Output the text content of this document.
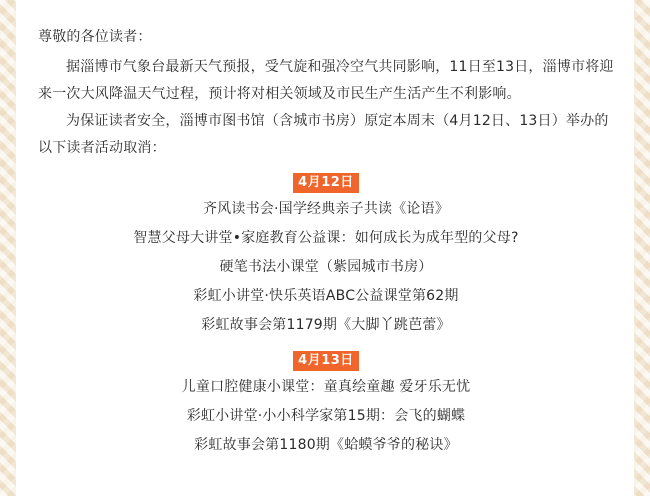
尊敬的各位读者：

据淄博市气象台最新天气预报，受气旋和强冷空气共同影响，11日至13日，淄博市将迎来一次大风降温天气过程，预计将对相关领域及市民生产生活产生不利影响。

为保证读者安全，淄博市图书馆（含城市书房）原定本周末（4月12日、13日）举办的以下读者活动取消：

4月12日
齐风读书会·国学经典亲子共读《论语》
智慧父母大讲堂•家庭教育公益课：如何成长为成年型的父母?
硬笔书法小课堂（紫园城市书房）
彩虹小讲堂·快乐英语ABC公益课堂第62期
彩虹故事会第1179期《大脚丫跳芭蕾》
4月13日
儿童口腔健康小课堂：童真绘童趣 爱牙乐无忧
彩虹小讲堂·小小科学家第15期：会飞的蝴蝶
彩虹故事会第1180期《蛤蟆爷爷的秘诀》
